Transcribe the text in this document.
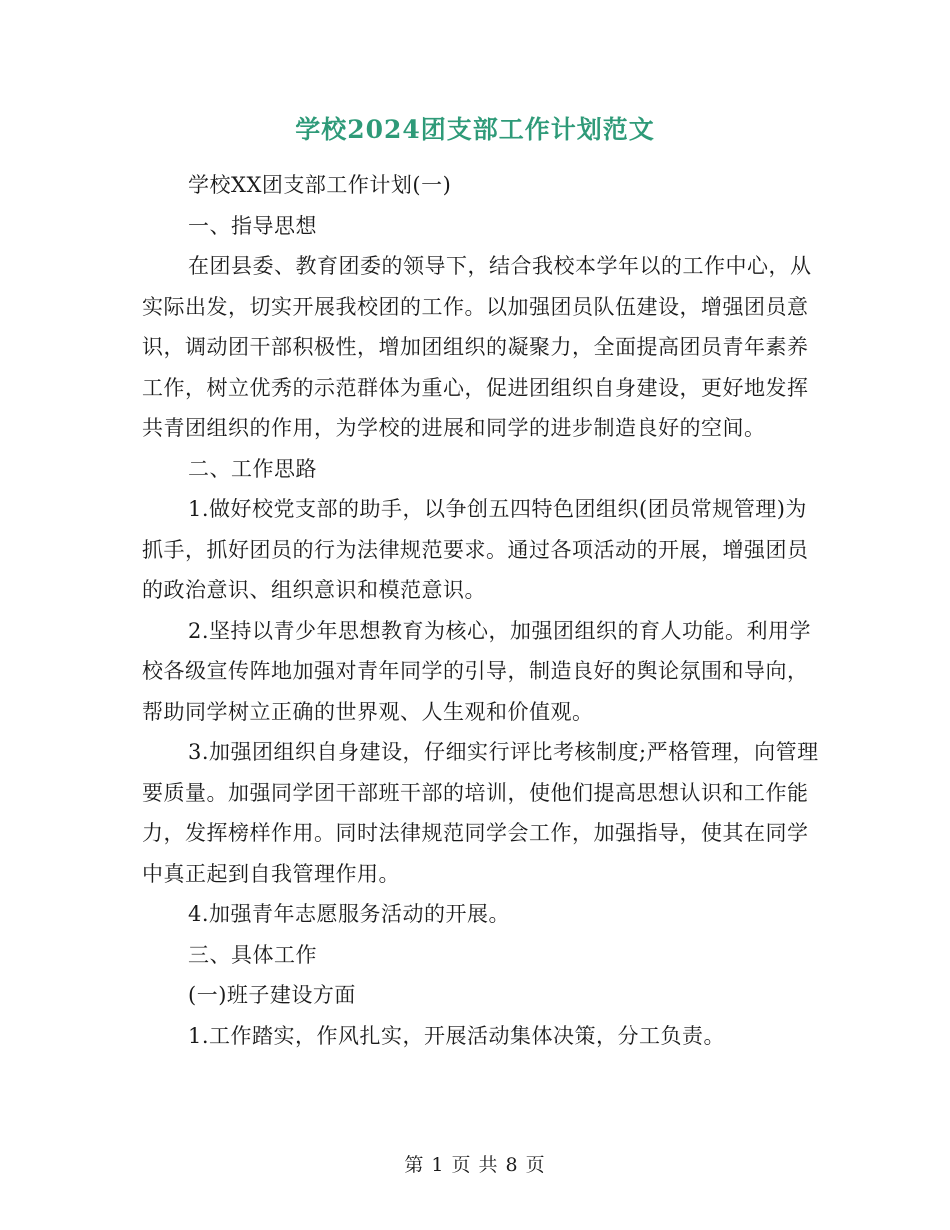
学校2024团支部工作计划范文

学校XX团支部工作计划(一)

一、指导思想

在团县委、教育团委的领导下，结合我校本学年以的工作中心，从实际出发，切实开展我校团的工作。以加强团员队伍建设，增强团员意识，调动团干部积极性，增加团组织的凝聚力，全面提高团员青年素养工作，树立优秀的示范群体为重心，促进团组织自身建设，更好地发挥共青团组织的作用，为学校的进展和同学的进步制造良好的空间。

二、工作思路

1.做好校党支部的助手，以争创五四特色团组织(团员常规管理)为抓手，抓好团员的行为法律规范要求。通过各项活动的开展，增强团员的政治意识、组织意识和模范意识。

2.坚持以青少年思想教育为核心，加强团组织的育人功能。利用学校各级宣传阵地加强对青年同学的引导，制造良好的舆论氛围和导向，帮助同学树立正确的世界观、人生观和价值观。

3.加强团组织自身建设，仔细实行评比考核制度;严格管理，向管理要质量。加强同学团干部班干部的培训，使他们提高思想认识和工作能力，发挥榜样作用。同时法律规范同学会工作，加强指导，使其在同学中真正起到自我管理作用。

4.加强青年志愿服务活动的开展。

三、具体工作

(一)班子建设方面

1.工作踏实，作风扎实，开展活动集体决策，分工负责。

第 1 页 共 8 页
